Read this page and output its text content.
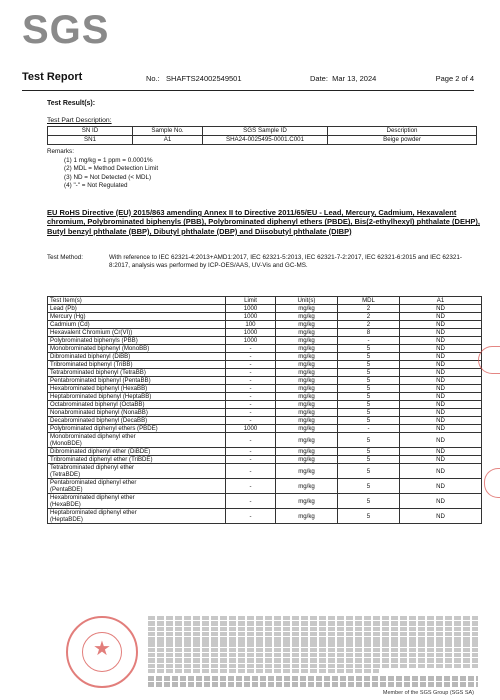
SGS
Test Report	No.: SHAFTS24002549501	Date: Mar 13, 2024	Page 2 of 4
Test Result(s):
Test Part Description:
SN ID	Sample No.	SGS Sample ID	Description
SN1	A1	SHA24-0025495-0001.C001	Beige powder
Remarks:
(1) 1 mg/kg = 1 ppm = 0.0001%
(2) MDL = Method Detection Limit
(3) ND = Not Detected (< MDL)
(4) "-" = Not Regulated
EU RoHS Directive (EU) 2015/863 amending Annex II to Directive 2011/65/EU - Lead, Mercury, Cadmium, Hexavalent chromium, Polybrominated biphenyls (PBB), Polybrominated diphenyl ethers (PBDE), Bis(2-ethylhexyl) phthalate (DEHP), Butyl benzyl phthalate (BBP), Dibutyl phthalate (DBP) and Diisobutyl phthalate (DIBP)
Test Method:	With reference to IEC 62321-4:2013+AMD1:2017, IEC 62321-5:2013, IEC 62321-7-2:2017, IEC 62321-6:2015 and IEC 62321-8:2017, analysis was performed by ICP-OES/AAS, UV-Vis and GC-MS.
Test Item(s)	Limit	Unit(s)	MDL	A1
Lead (Pb)	1000	mg/kg	2	ND
Mercury (Hg)	1000	mg/kg	2	ND
Cadmium (Cd)	100	mg/kg	2	ND
Hexavalent Chromium (Cr(VI))	1000	mg/kg	8	ND
Polybrominated biphenyls (PBB)	1000	mg/kg	-	ND
Monobrominated biphenyl (MonoBB)	-	mg/kg	5	ND
Dibrominated biphenyl (DiBB)	-	mg/kg	5	ND
Tribrominated biphenyl (TriBB)	-	mg/kg	5	ND
Tetrabrominated biphenyl (TetraBB)	-	mg/kg	5	ND
Pentabrominated biphenyl (PentaBB)	-	mg/kg	5	ND
Hexabrominated biphenyl (HexaBB)	-	mg/kg	5	ND
Heptabrominated biphenyl (HeptaBB)	-	mg/kg	5	ND
Octabrominated biphenyl (OctaBB)	-	mg/kg	5	ND
Nonabrominated biphenyl (NonaBB)	-	mg/kg	5	ND
Decabrominated biphenyl (DecaBB)	-	mg/kg	5	ND
Polybrominated diphenyl ethers (PBDE)	1000	mg/kg	-	ND
Monobrominated diphenyl ether
(MonoBDE)	-	mg/kg	5	ND
Dibrominated diphenyl ether (DiBDE)	-	mg/kg	5	ND
Tribrominated diphenyl ether (TriBDE)	-	mg/kg	5	ND
Tetrabrominated diphenyl ether
(TetraBDE)	-	mg/kg	5	ND
Pentabrominated diphenyl ether
(PentaBDE)	-	mg/kg	5	ND
Hexabrominated diphenyl ether
(HexaBDE)	-	mg/kg	5	ND
Heptabrominated diphenyl ether
(HeptaBDE)	-	mg/kg	5	ND
★
Member of the SGS Group (SGS SA)
